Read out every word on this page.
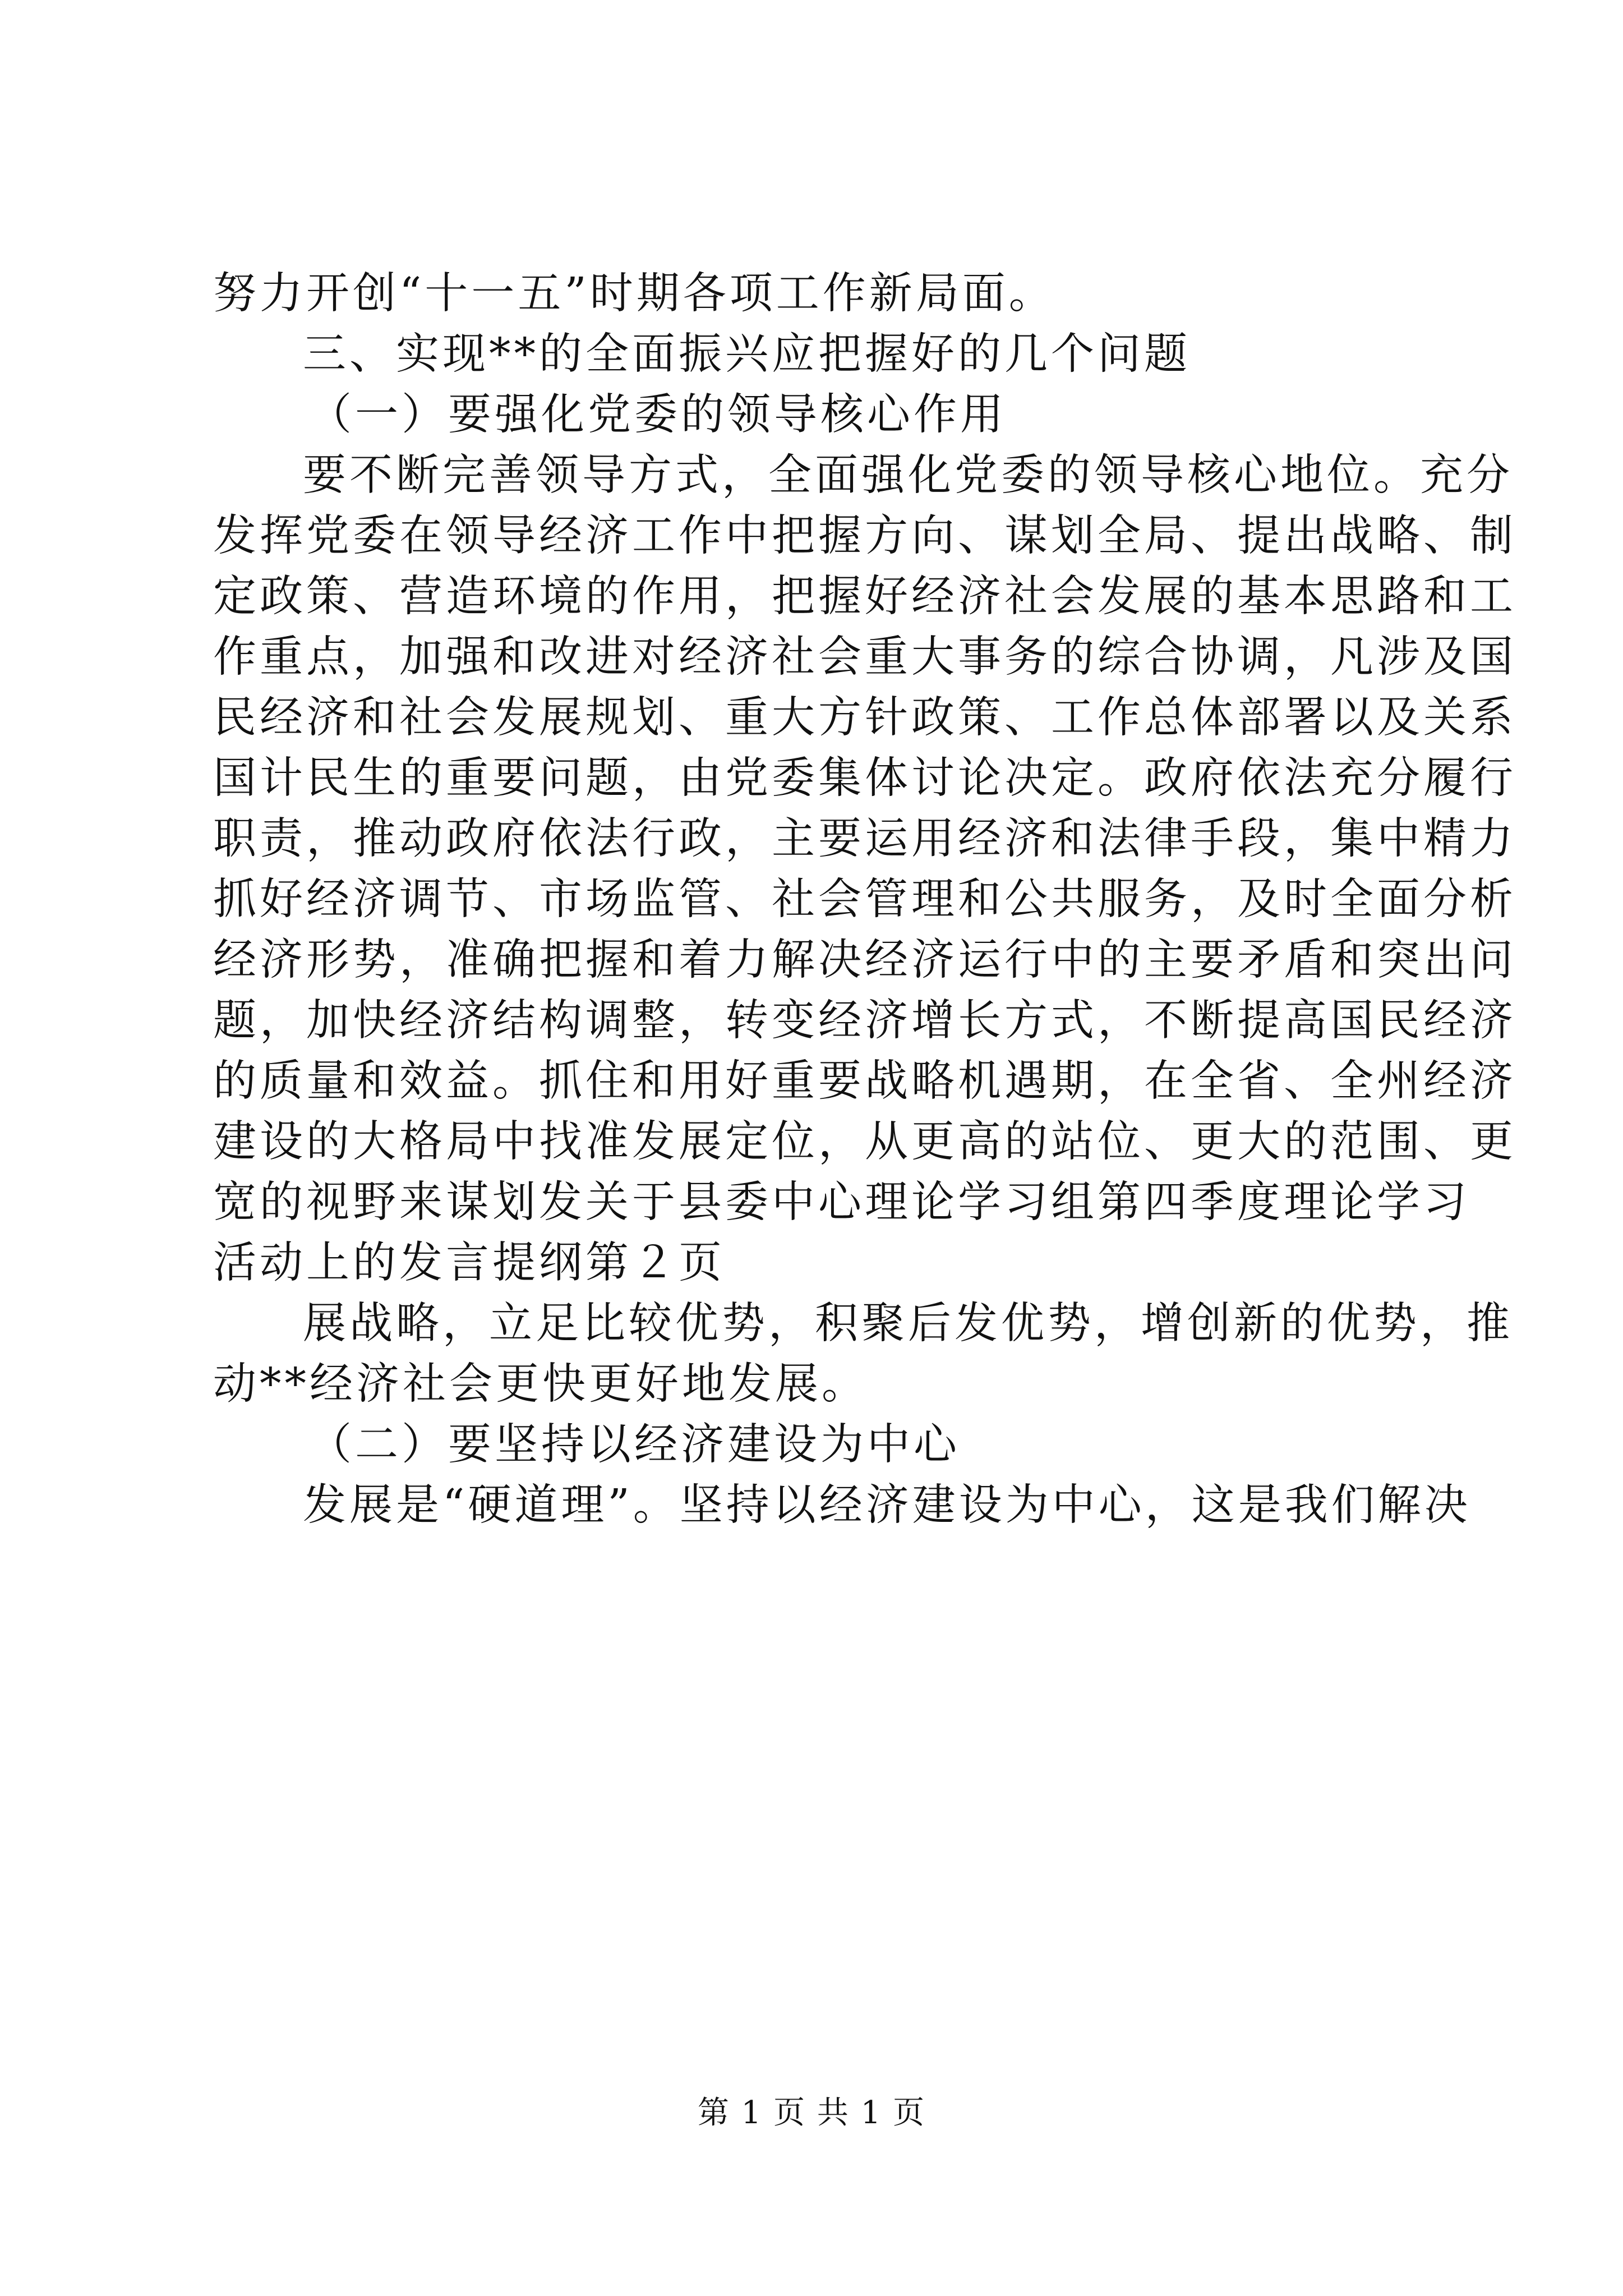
努力开创“十一五”时期各项工作新局面。
三、实现**的全面振兴应把握好的几个问题
（一）要强化党委的领导核心作用
要不断完善领导方式，全面强化党委的领导核心地位。充分
发挥党委在领导经济工作中把握方向、谋划全局、提出战略、制
定政策、营造环境的作用，把握好经济社会发展的基本思路和工
作重点，加强和改进对经济社会重大事务的综合协调，凡涉及国
民经济和社会发展规划、重大方针政策、工作总体部署以及关系
国计民生的重要问题，由党委集体讨论决定。政府依法充分履行
职责，推动政府依法行政，主要运用经济和法律手段，集中精力
抓好经济调节、市场监管、社会管理和公共服务，及时全面分析
经济形势，准确把握和着力解决经济运行中的主要矛盾和突出问
题，加快经济结构调整，转变经济增长方式，不断提高国民经济
的质量和效益。抓住和用好重要战略机遇期，在全省、全州经济
建设的大格局中找准发展定位，从更高的站位、更大的范围、更
宽的视野来谋划发关于县委中心理论学习组第四季度理论学习
活动上的发言提纲第２页
展战略，立足比较优势，积聚后发优势，增创新的优势，推
动**经济社会更快更好地发展。
（二）要坚持以经济建设为中心
发展是“硬道理”。坚持以经济建设为中心，这是我们解决
第 1 页 共 1 页
